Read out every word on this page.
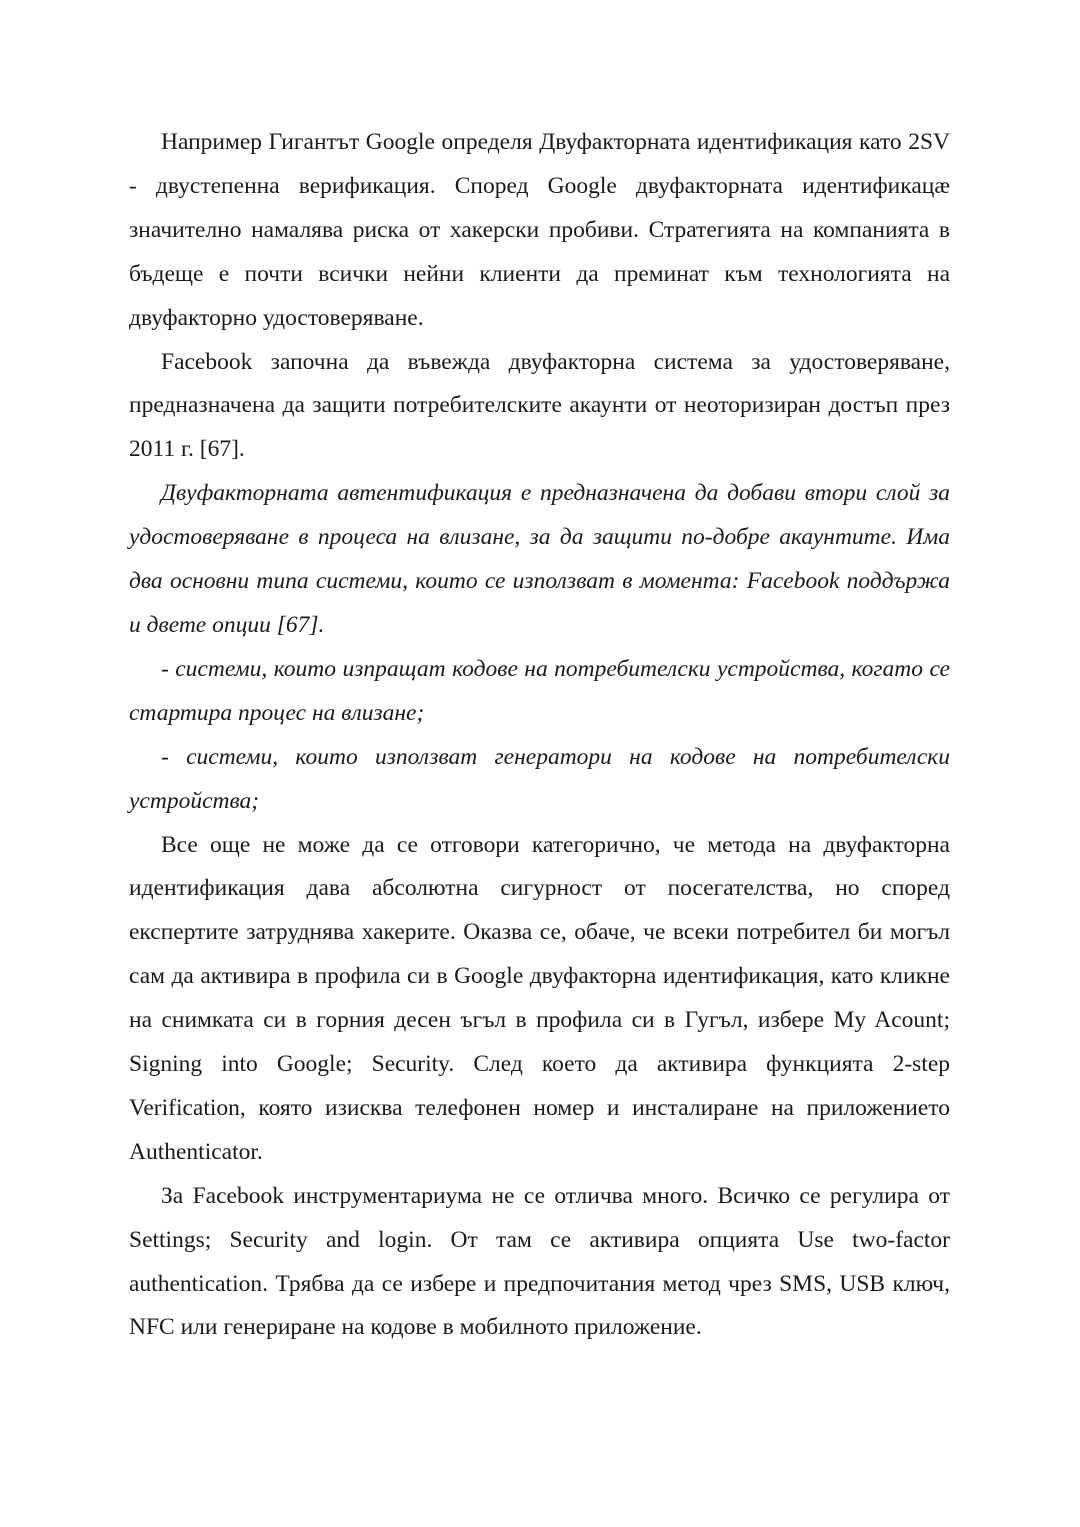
Например Гигантът Google определя Двуфакторната идентификация като 2SV - двустепенна верификация. Според Google двуфакторната идентификацӕ значително намалява риска от хакерски пробиви. Стратегията на компанията в бъдеще е почти всички нейни клиенти да преминат към технологията на двуфакторно удостоверяване.

Facebook започна да въвежда двуфакторна система за удостоверяване, предназначена да защити потребителските акаунти от неоторизиран достъп през 2011 г. [67].

Двуфакторната автентификация е предназначена да добави втори слой за удостоверяване в процеса на влизане, за да защити по-добре акаунтите. Има два основни типа системи, които се използват в момента: Facebook поддържа и двете опции [67].

- системи, които изпращат кодове на потребителски устройства, когато се стартира процес на влизане;

- системи, които използват генератори на кодове на потребителски устройства;

Все още не може да се отговори категорично, че метода на двуфакторна идентификация дава абсолютна сигурност от посегателства, но според експертите затруднява хакерите. Оказва се, обаче, че всеки потребител би могъл сам да активира в профила си в Google двуфакторна идентификация, като кликне на снимката си в горния десен ъгъл в профила си в Гугъл, избере My Acount; Signing into Google; Security. След което да активира функцията 2-step Verification, която изисква телефонен номер и инсталиране на приложението Authenticator.

За Facebook инструментариума не се отличва много. Всичко се регулира от Settings; Security and login. От там се активира опцията Use two-factor authentication. Трябва да се избере и предпочитания метод чрез SMS, USB ключ, NFC или генериране на кодове в мобилното приложение.
